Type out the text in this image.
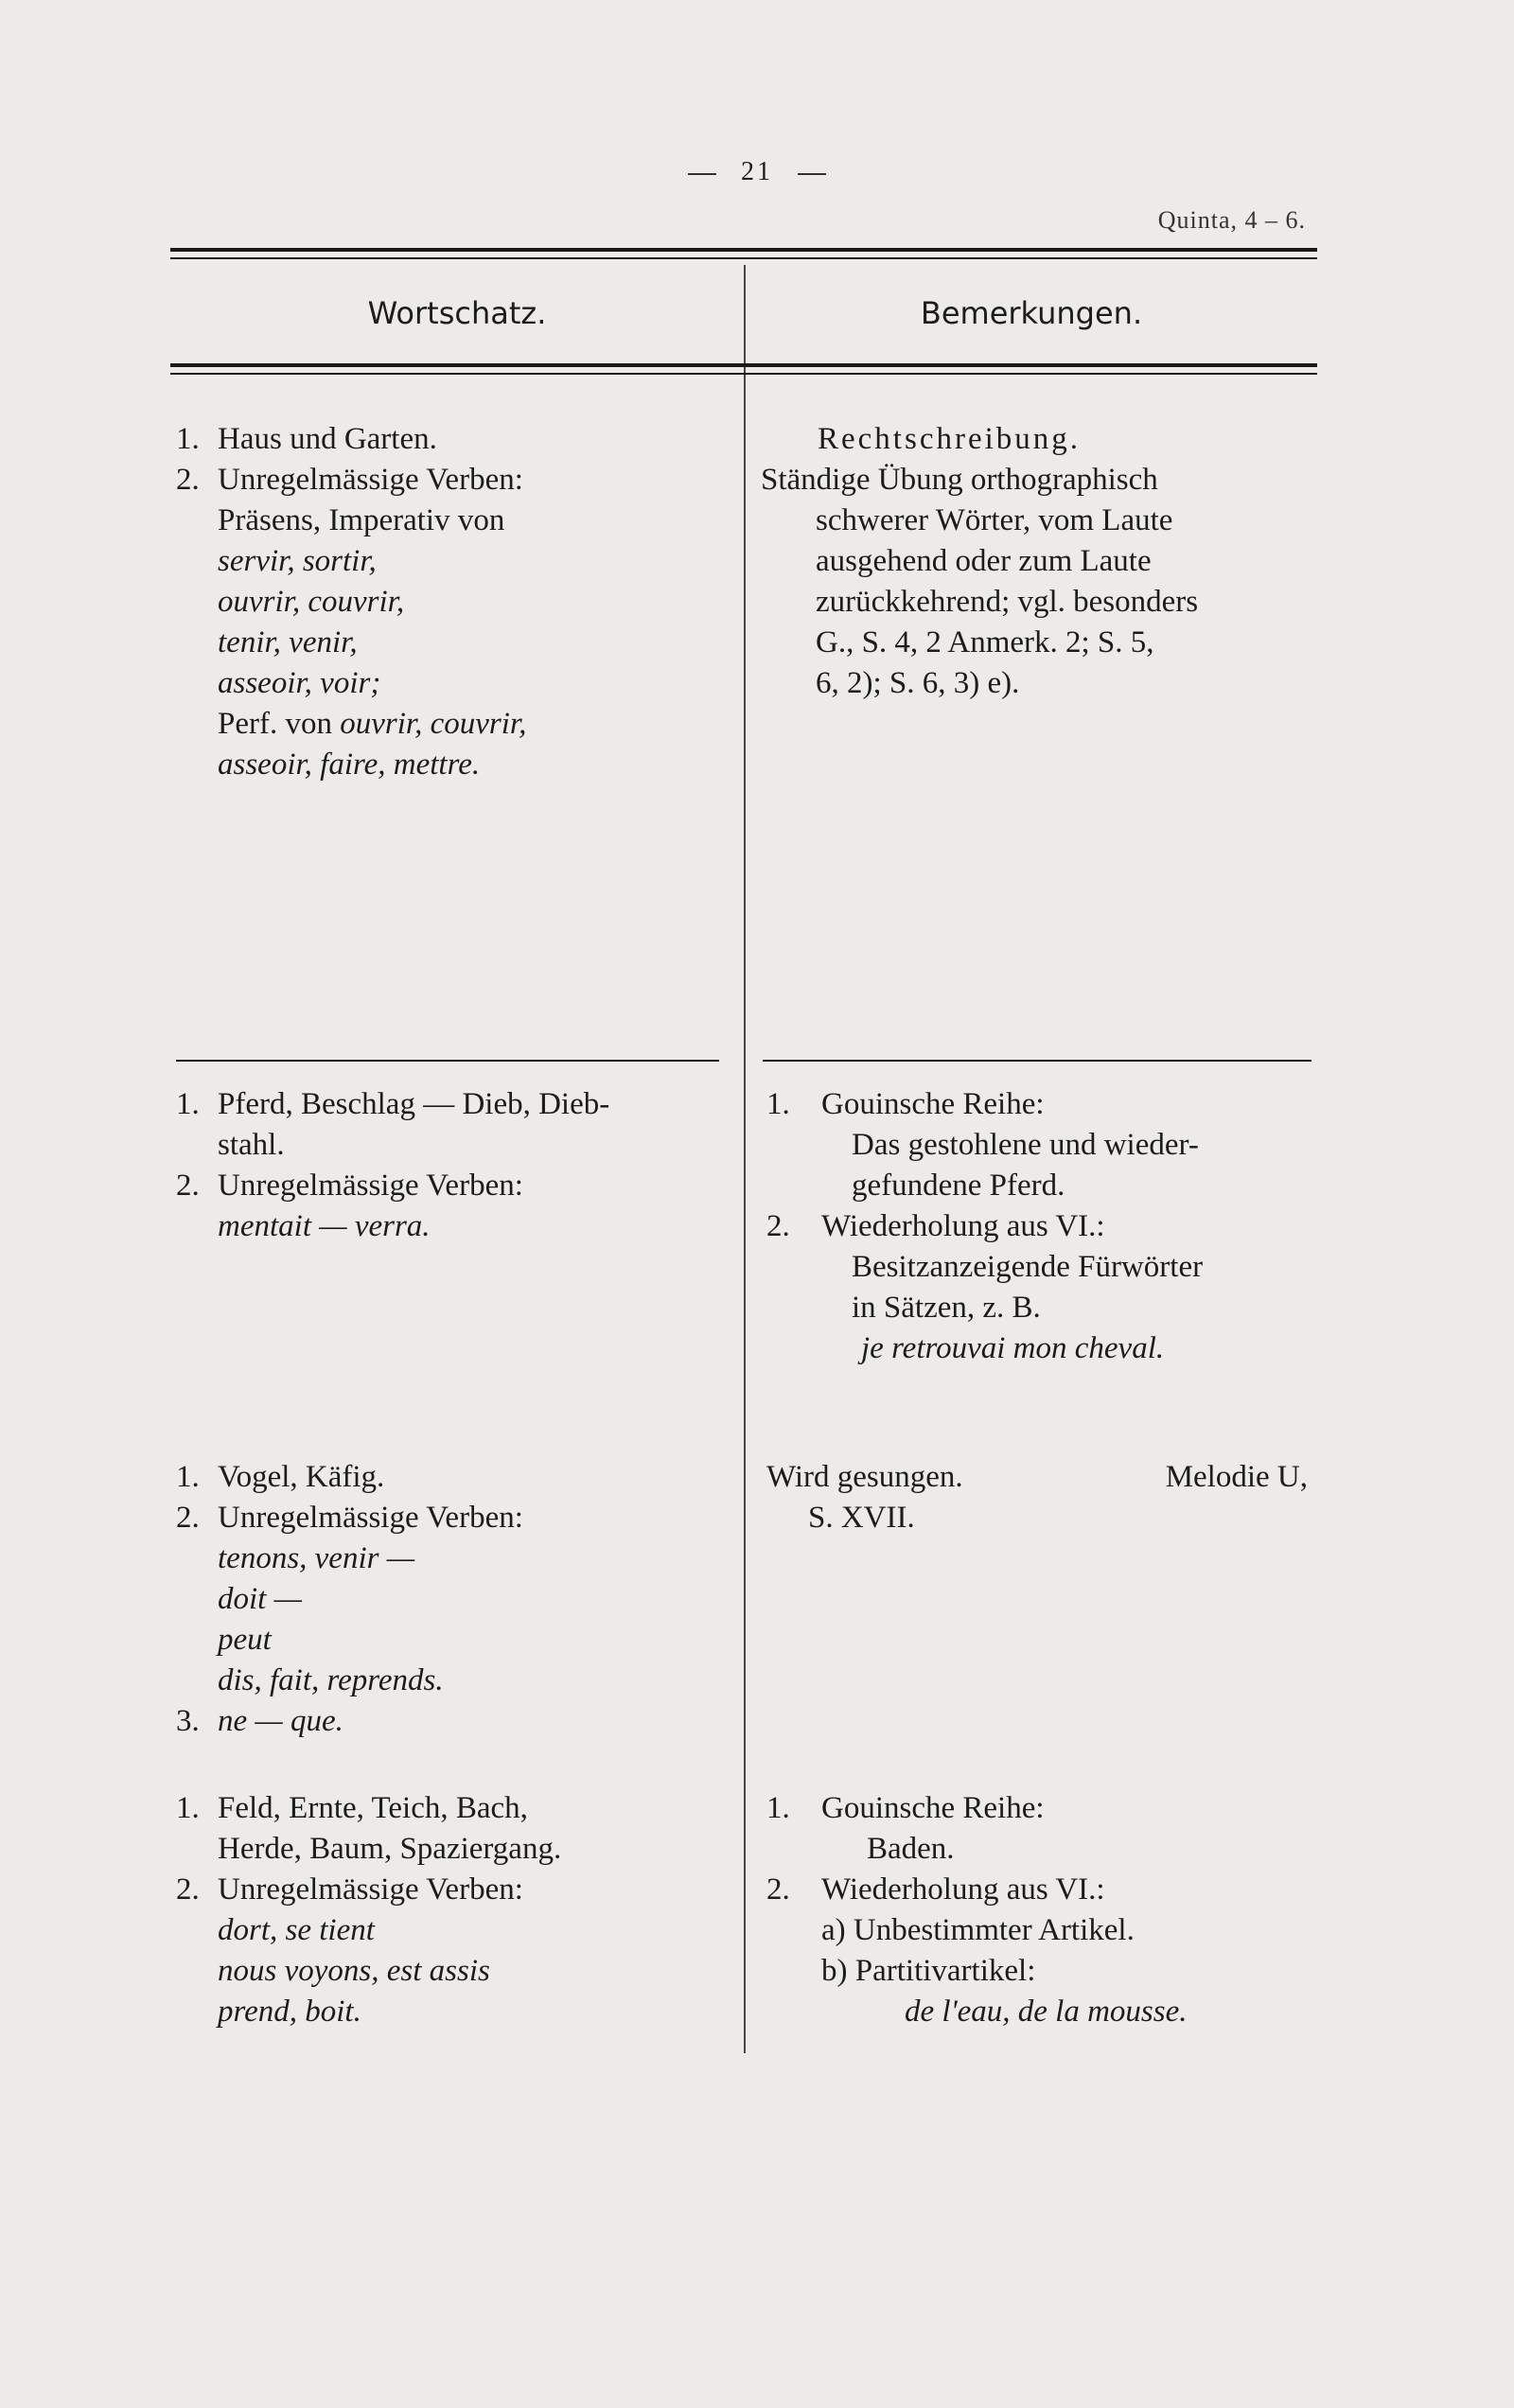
21
Quinta, 4 – 6.
Wortschatz.	Bemerkungen.
1. Haus und Garten.
2. Unregelmässige Verben:
Präsens, Imperativ von
servir, sortir,
ouvrir, couvrir,
tenir, venir,
asseoir, voir;
Perf. von ouvrir, couvrir,
asseoir, faire, mettre.
Rechtschreibung.
Ständige Übung orthographisch
schwerer Wörter, vom Laute
ausgehend oder zum Laute
zurückkehrend; vgl. besonders
G., S. 4, 2 Anmerk. 2; S. 5,
6, 2); S. 6, 3) e).
1. Pferd, Beschlag — Dieb, Dieb-
stahl.
2. Unregelmässige Verben:
mentait — verra.
1. Gouinsche Reihe:
Das gestohlene und wieder-
gefundene Pferd.
2. Wiederholung aus VI.:
Besitzanzeigende Fürwörter
in Sätzen, z. B.
je retrouvai mon cheval.
1. Vogel, Käfig.
2. Unregelmässige Verben:
tenons, venir —
doit —
peut
dis, fait, reprends.
3. ne — que.
Wird gesungen.	Melodie U,
S. XVII.
1. Feld, Ernte, Teich, Bach,
Herde, Baum, Spaziergang.
2. Unregelmässige Verben:
dort, se tient
nous voyons, est assis
prend, boit.
1. Gouinsche Reihe:
Baden.
2. Wiederholung aus VI.:
a) Unbestimmter Artikel.
b) Partitivartikel:
de l'eau, de la mousse.
